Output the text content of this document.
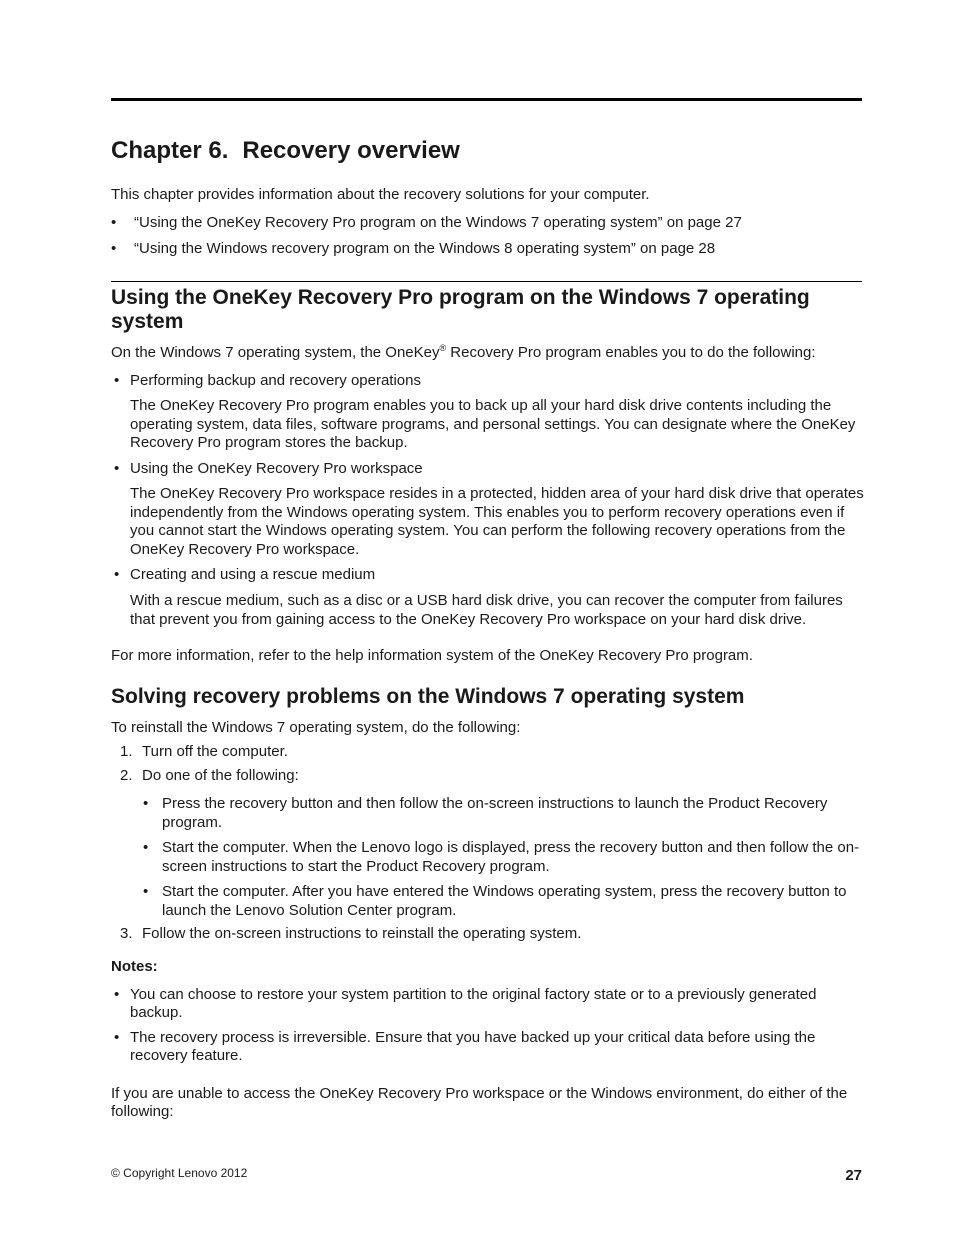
Chapter 6. Recovery overview

This chapter provides information about the recovery solutions for your computer.

• “Using the OneKey Recovery Pro program on the Windows 7 operating system” on page 27
• “Using the Windows recovery program on the Windows 8 operating system” on page 28
Using the OneKey Recovery Pro program on the Windows 7 operating system

On the Windows 7 operating system, the OneKey® Recovery Pro program enables you to do the following:

• Performing backup and recovery operations

The OneKey Recovery Pro program enables you to back up all your hard disk drive contents including the operating system, data files, software programs, and personal settings. You can designate where the OneKey Recovery Pro program stores the backup.

• Using the OneKey Recovery Pro workspace

The OneKey Recovery Pro workspace resides in a protected, hidden area of your hard disk drive that operates independently from the Windows operating system. This enables you to perform recovery operations even if you cannot start the Windows operating system. You can perform the following recovery operations from the OneKey Recovery Pro workspace.

• Creating and using a rescue medium

With a rescue medium, such as a disc or a USB hard disk drive, you can recover the computer from failures that prevent you from gaining access to the OneKey Recovery Pro workspace on your hard disk drive.

For more information, refer to the help information system of the OneKey Recovery Pro program.

Solving recovery problems on the Windows 7 operating system

To reinstall the Windows 7 operating system, do the following:

1. Turn off the computer.
2. Do one of the following:
• Press the recovery button and then follow the on-screen instructions to launch the Product Recovery program.
• Start the computer. When the Lenovo logo is displayed, press the recovery button and then follow the on-screen instructions to start the Product Recovery program.
• Start the computer. After you have entered the Windows operating system, press the recovery button to launch the Lenovo Solution Center program.
3. Follow the on-screen instructions to reinstall the operating system.

Notes:

• You can choose to restore your system partition to the original factory state or to a previously generated backup.
• The recovery process is irreversible. Ensure that you have backed up your critical data before using the recovery feature.

If you are unable to access the OneKey Recovery Pro workspace or the Windows environment, do either of the following:

© Copyright Lenovo 2012	27
